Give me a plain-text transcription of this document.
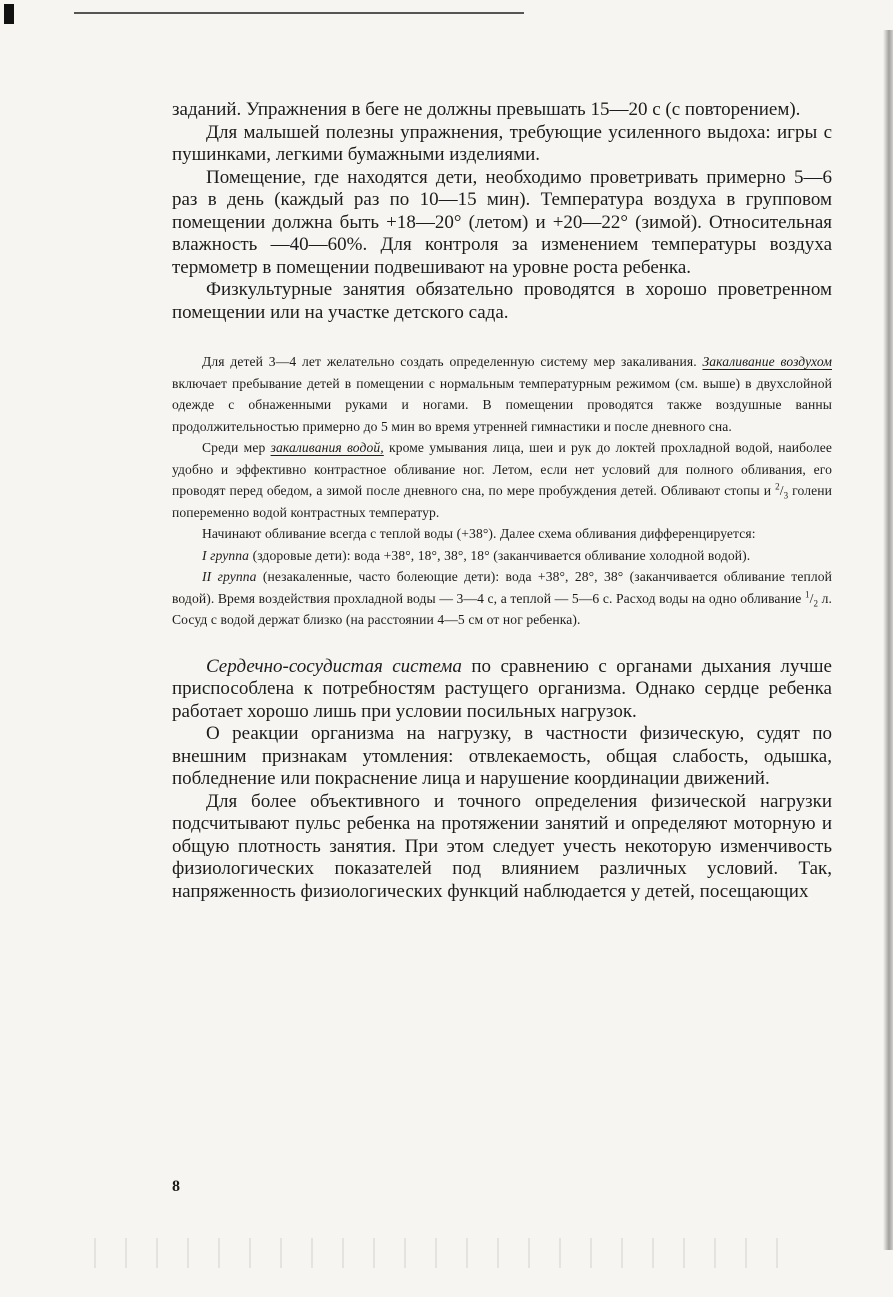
заданий. Упражнения в беге не должны превышать 15—20 с (с повторением).

Для малышей полезны упражнения, требующие усиленного выдоха: игры с пушинками, легкими бумажными изделиями.

Помещение, где находятся дети, необходимо проветривать примерно 5—6 раз в день (каждый раз по 10—15 мин). Температура воздуха в групповом помещении должна быть +18—20° (летом) и +20—22° (зимой). Относительная влажность —40—60%. Для контроля за изменением температуры воздуха термометр в помещении подвешивают на уровне роста ребенка.

Физкультурные занятия обязательно проводятся в хорошо проветренном помещении или на участке детского сада.

Для детей 3—4 лет желательно создать определенную систему мер закаливания. Закаливание воздухом включает пребывание детей в помещении с нормальным температурным режимом (см. выше) в двухслойной одежде с обнаженными руками и ногами. В помещении проводятся также воздушные ванны продолжительностью примерно до 5 мин во время утренней гимнастики и после дневного сна.

Среди мер закаливания водой, кроме умывания лица, шеи и рук до локтей прохладной водой, наиболее удобно и эффективно контрастное обливание ног. Летом, если нет условий для полного обливания, его проводят перед обедом, а зимой после дневного сна, по мере пробуждения детей. Обливают стопы и $^2/_3$ голени попеременно водой контрастных температур.

Начинают обливание всегда с теплой воды (+38°). Далее схема обливания дифференцируется:

I группа (здоровые дети): вода +38°, 18°, 38°, 18° (заканчивается обливание холодной водой).

II группа (незакаленные, часто болеющие дети): вода +38°, 28°, 38° (заканчивается обливание теплой водой). Время воздействия прохладной воды — 3—4 с, а теплой — 5—6 с. Расход воды на одно обливание $^1/_2$ л. Сосуд с водой держат близко (на расстоянии 4—5 см от ног ребенка).

Сердечно-сосудистая система по сравнению с органами дыхания лучше приспособлена к потребностям растущего организма. Однако сердце ребенка работает хорошо лишь при условии посильных нагрузок.

О реакции организма на нагрузку, в частности физическую, судят по внешним признакам утомления: отвлекаемость, общая слабость, одышка, побледнение или покраснение лица и нарушение координации движений.

Для более объективного и точного определения физической нагрузки подсчитывают пульс ребенка на протяжении занятий и определяют моторную и общую плотность занятия. При этом следует учесть некоторую изменчивость физиологических показателей под влиянием различных условий. Так, напряженность физиологических функций наблюдается у детей, посещающих

8
